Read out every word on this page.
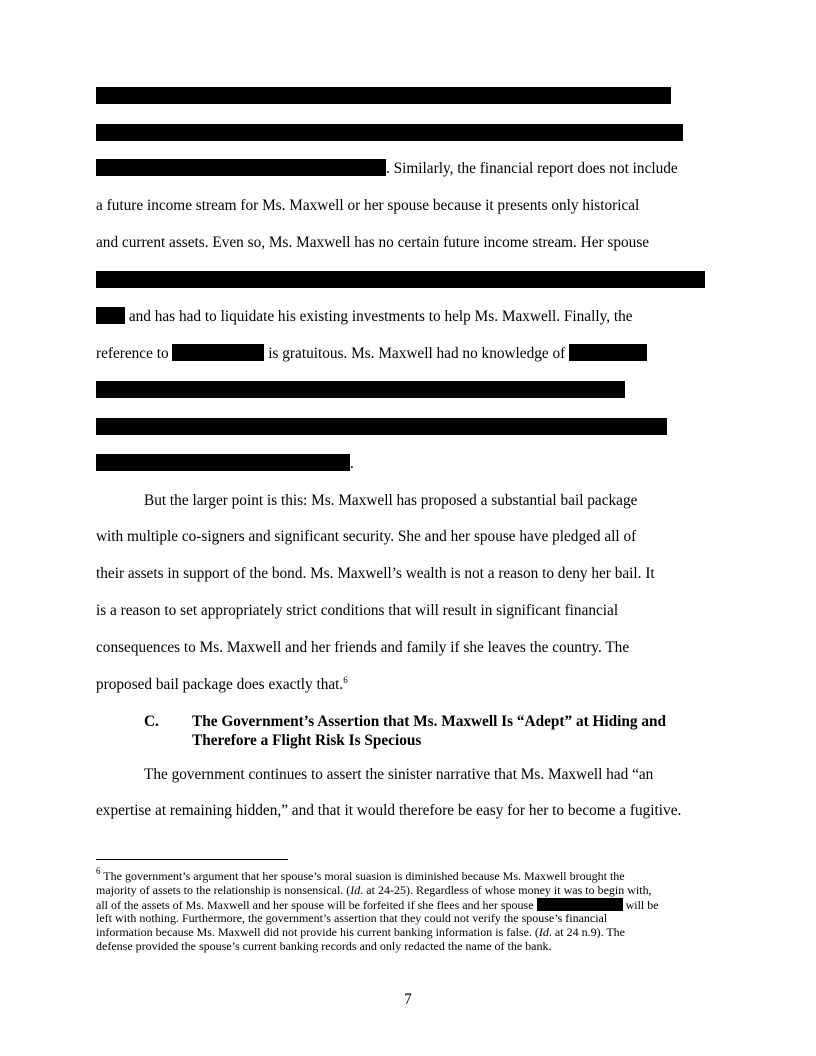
. Similarly, the financial report does not include
a future income stream for Ms. Maxwell or her spouse because it presents only historical
and current assets. Even so, Ms. Maxwell has no certain future income stream. Her spouse
and has had to liquidate his existing investments to help Ms. Maxwell. Finally, the
reference to	is gratuitous. Ms. Maxwell had no knowledge of
.
But the larger point is this: Ms. Maxwell has proposed a substantial bail package
with multiple co-signers and significant security. She and her spouse have pledged all of
their assets in support of the bond. Ms. Maxwell’s wealth is not a reason to deny her bail. It
is a reason to set appropriately strict conditions that will result in significant financial
consequences to Ms. Maxwell and her friends and family if she leaves the country. The
proposed bail package does exactly that.$^6$
C. The Government’s Assertion that Ms. Maxwell Is “Adept” at Hiding and
Therefore a Flight Risk Is Specious
The government continues to assert the sinister narrative that Ms. Maxwell had “an
expertise at remaining hidden,” and that it would therefore be easy for her to become a fugitive.
$^6$ The government’s argument that her spouse’s moral suasion is diminished because Ms. Maxwell brought the
majority of assets to the relationship is nonsensical. (Id. at 24-25). Regardless of whose money it was to begin with,
all of the assets of Ms. Maxwell and her spouse will be forfeited if she flees and her spouse	will be
left with nothing. Furthermore, the government’s assertion that they could not verify the spouse’s financial
information because Ms. Maxwell did not provide his current banking information is false. (Id. at 24 n.9). The
defense provided the spouse’s current banking records and only redacted the name of the bank.
7
